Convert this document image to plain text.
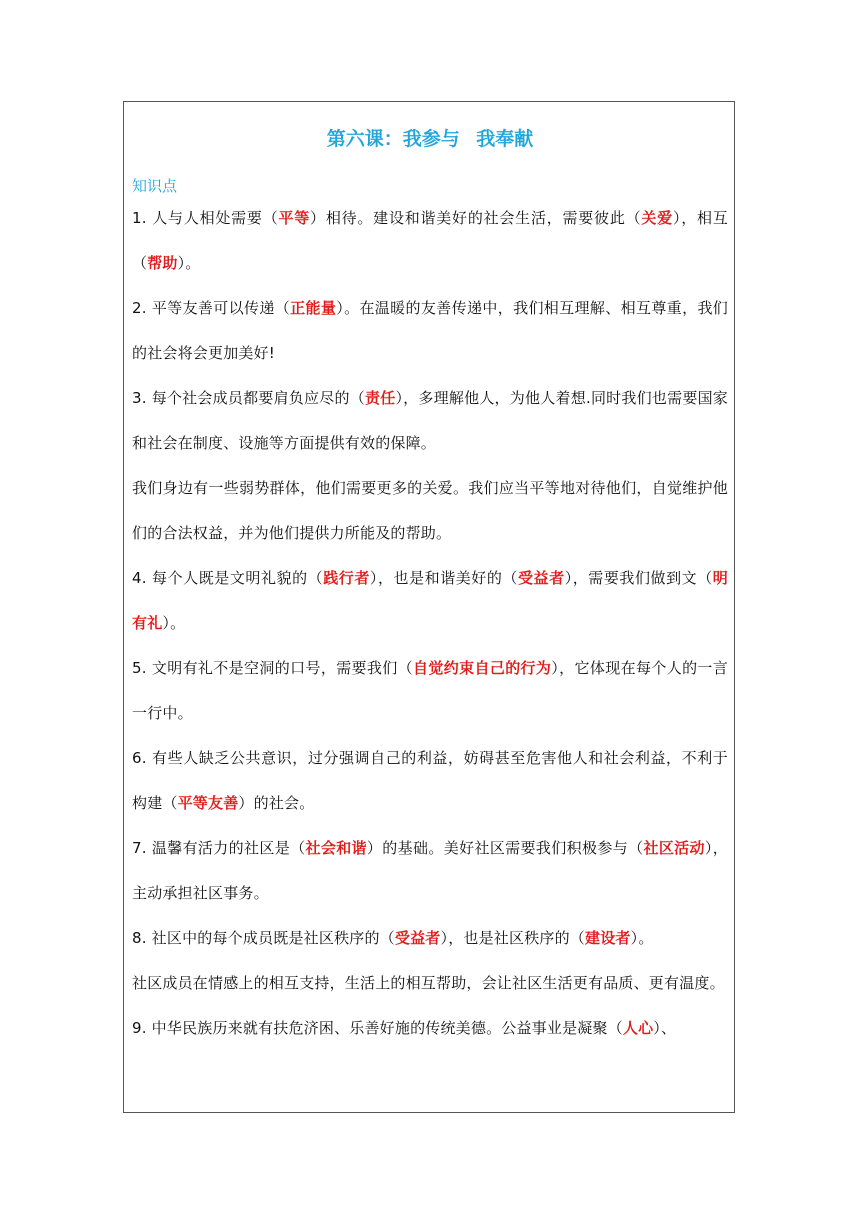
第六课：我参与 我奉献
知识点
1. 人与人相处需要（平等）相待。建设和谐美好的社会生活，需要彼此（关爱），相互（帮助）。
2. 平等友善可以传递（正能量）。在温暖的友善传递中，我们相互理解、相互尊重，我们的社会将会更加美好!
3. 每个社会成员都要肩负应尽的（责任），多理解他人，为他人着想.同时我们也需要国家和社会在制度、设施等方面提供有效的保障。
我们身边有一些弱势群体，他们需要更多的关爱。我们应当平等地对待他们，自觉维护他们的合法权益，并为他们提供力所能及的帮助。
4. 每个人既是文明礼貌的（践行者），也是和谐美好的（受益者），需要我们做到文（明有礼）。
5. 文明有礼不是空洞的口号，需要我们（自觉约束自己的行为），它体现在每个人的一言一行中。
6. 有些人缺乏公共意识，过分强调自己的利益，妨碍甚至危害他人和社会利益，不利于构建（平等友善）的社会。
7. 温馨有活力的社区是（社会和谐）的基础。美好社区需要我们积极参与（社区活动），主动承担社区事务。
8. 社区中的每个成员既是社区秩序的（受益者），也是社区秩序的（建设者）。
社区成员在情感上的相互支持，生活上的相互帮助，会让社区生活更有品质、更有温度。
9. 中华民族历来就有扶危济困、乐善好施的传统美德。公益事业是凝聚（人心）、
